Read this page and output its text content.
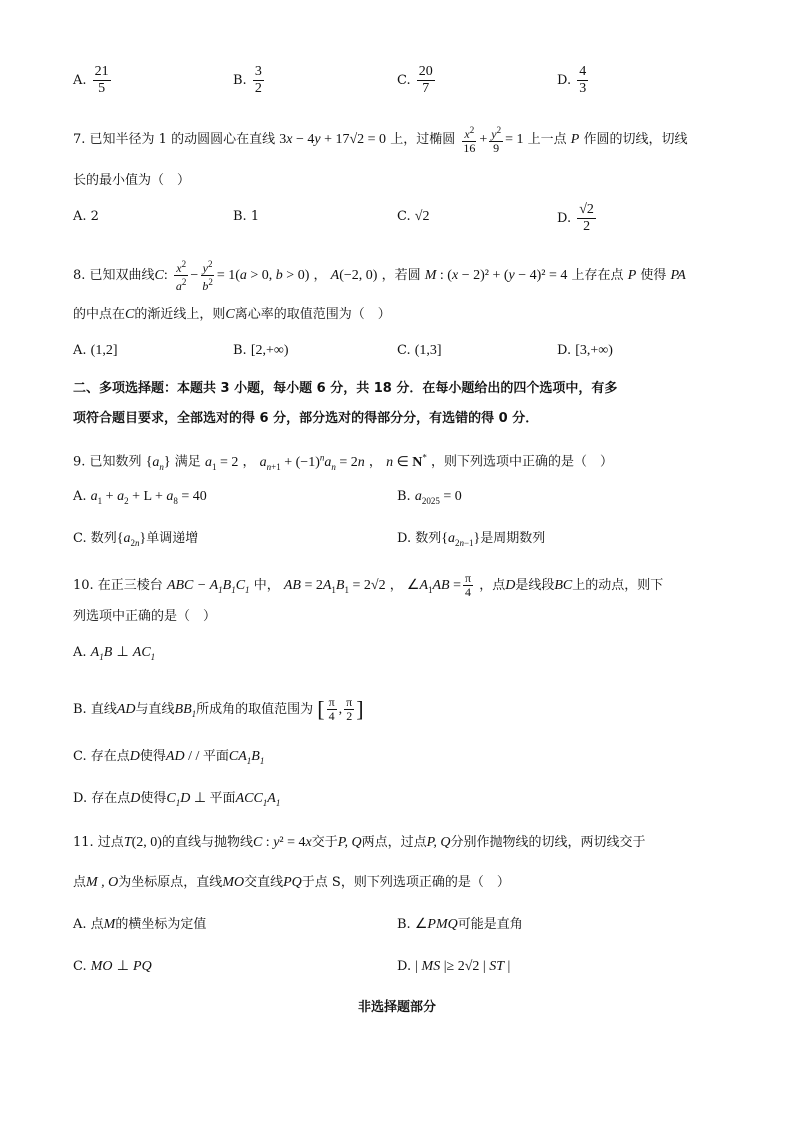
A. $\frac{21}{5}$	B. $\frac{3}{2}$	C. $\frac{20}{7}$	D. $\frac{4}{3}$
7. 已知半径为 1 的动圆圆心在直线 3x − 4y + 17√2 = 0 上，过椭圆 $\frac{x^2}{16} + \frac{y^2}{9} = 1$ 上一点 P 作圆的切线，切线
长的最小值为（　）
A. 2	B. 1	C. √2	D. $\frac{√2}{2}$
8. 已知双曲线C: $\frac{x^2}{a^2} - \frac{y^2}{b^2} = 1(a > 0$, b > 0) ， A(−2, 0) ，若圆 M : (x − 2)² + (y − 4)² = 4 上存在点 P 使得 PA
的中点在C的渐近线上，则C离心率的取值范围为（　）
A. (1,2]	B. [2,+∞)	C. (1,3]	D. [3,+∞)
二、多项选择题：本题共 3 小题，每小题 6 分，共 18 分．在每小题给出的四个选项中，有多
项符合题目要求，全部选对的得 6 分，部分选对的得部分分，有选错的得 0 分．
9. 已知数列 $\{a_n\}$ 满足 $a_1 = 2$ ， $a_{n+1} + (-1)^na_n = 2n$ ， n ∈ N* ，则下列选项中正确的是（　）
A. $a_1 + a_2 + L + a_8 = 40$	B. $a_{2025} = 0$
C. 数列$\{a_{2n}\}$单调递增	D. 数列$\{a_{2n-1}\}$是周期数列
10. 在正三棱台 ABC − $A_1B_1C_1$ 中， AB = $2A_1B_1 = 2√2$ ， $\angle A_1AB = \frac{\pi}{4}$ ，点D是线段BC上的动点，则下
列选项中正确的是（　）
A. $A_1B$ ⊥ $AC_1$
B. 直线AD与直线$BB_1$所成角的取值范围为 [ $\frac{\pi}{4}$ , $\frac{\pi}{2}$ ]
C. 存在点D使得AD / / 平面$CA_1B_1$
D. 存在点D使得$C_1D$ ⊥ 平面$ACC_1A_1$
11. 过点T(2, 0)的直线与抛物线C : y² = 4x交于P, Q两点，过点P, Q分别作抛物线的切线，两切线交于
点M , O为坐标原点，直线MO交直线PQ于点 S，则下列选项正确的是（　）
A. 点M的横坐标为定值	B. ∠PMQ可能是直角
C. MO ⊥ PQ	D. | MS |≥ 2√2 | ST |
非选择题部分
